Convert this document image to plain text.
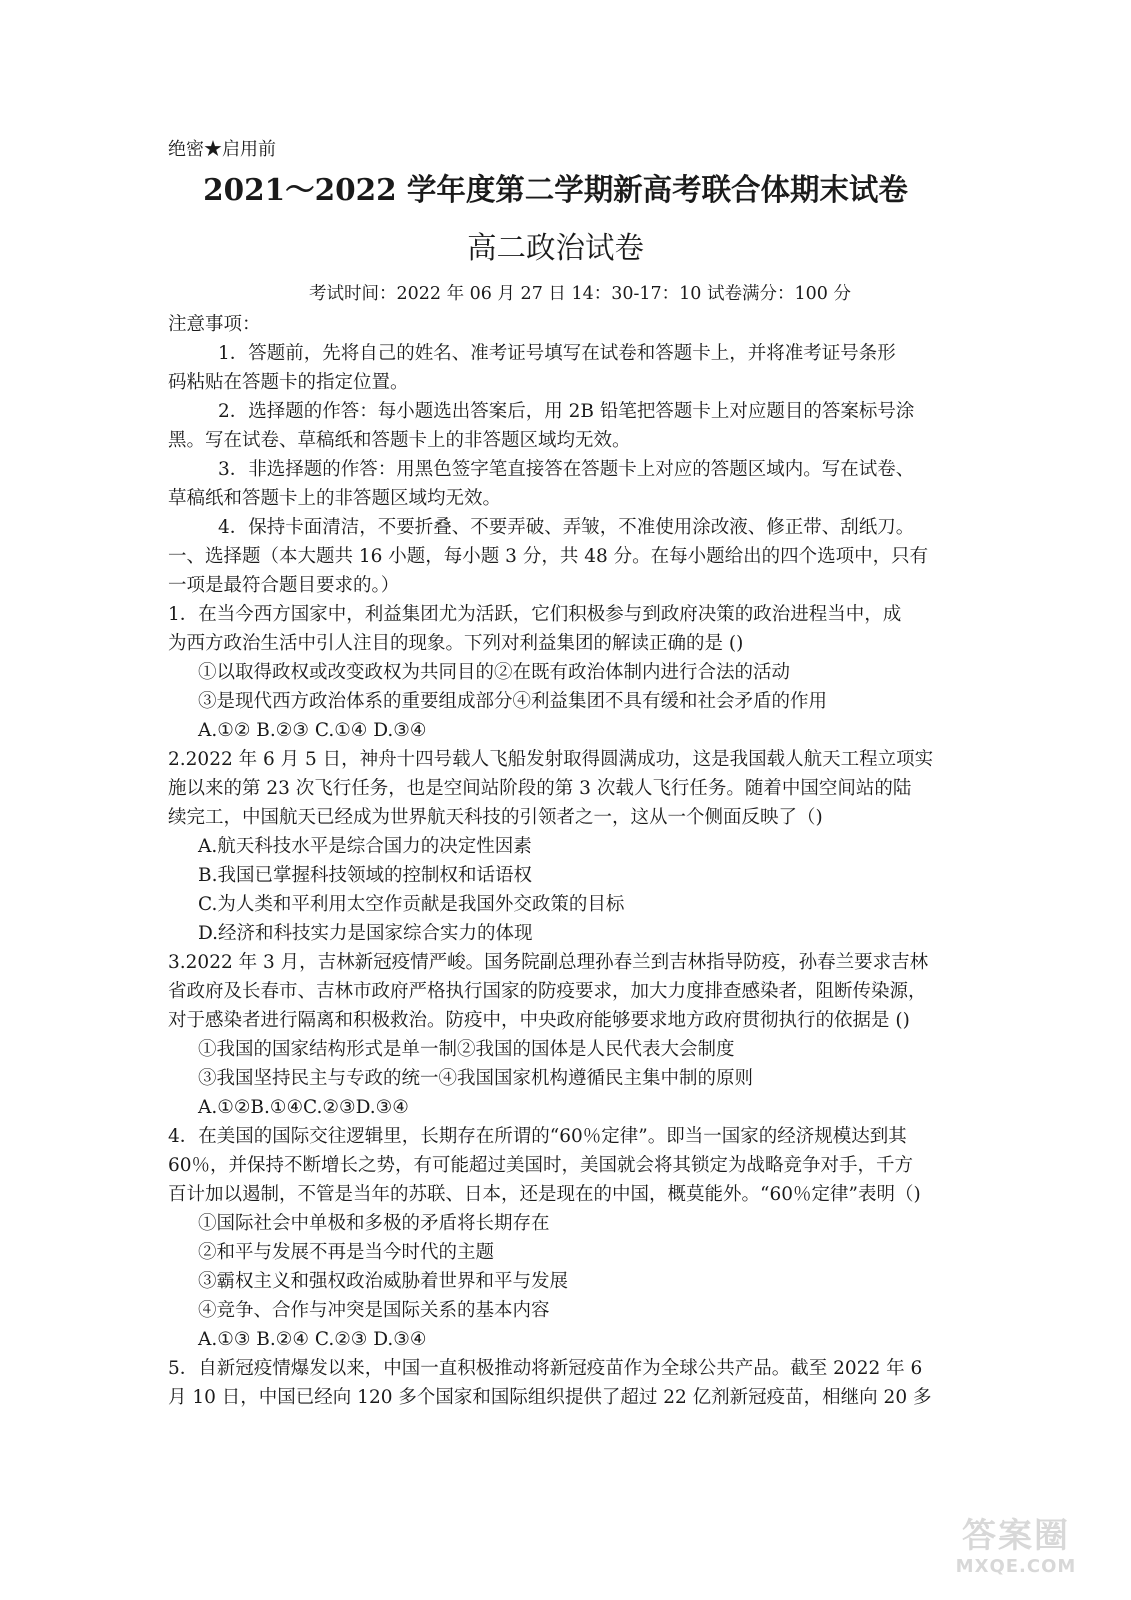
绝密★启用前
2021～2022 学年度第二学期新高考联合体期末试卷
高二政治试卷
考试时间：2022 年 06 月 27 日 14：30-17：10 试卷满分：100 分
注意事项：
1．答题前，先将自己的姓名、准考证号填写在试卷和答题卡上，并将准考证号条形
码粘贴在答题卡的指定位置。
2．选择题的作答：每小题选出答案后，用 2B 铅笔把答题卡上对应题目的答案标号涂
黑。写在试卷、草稿纸和答题卡上的非答题区域均无效。
3．非选择题的作答：用黑色签字笔直接答在答题卡上对应的答题区域内。写在试卷、
草稿纸和答题卡上的非答题区域均无效。
4．保持卡面清洁，不要折叠、不要弄破、弄皱，不准使用涂改液、修正带、刮纸刀。
一、选择题（本大题共 16 小题，每小题 3 分，共 48 分。在每小题给出的四个选项中，只有
一项是最符合题目要求的。）
1．在当今西方国家中，利益集团尤为活跃，它们积极参与到政府决策的政治进程当中，成
为西方政治生活中引人注目的现象。下列对利益集团的解读正确的是 ()
①以取得政权或改变政权为共同目的②在既有政治体制内进行合法的活动
③是现代西方政治体系的重要组成部分④利益集团不具有缓和社会矛盾的作用
A.①② B.②③ C.①④ D.③④
2.2022 年 6 月 5 日，神舟十四号载人飞船发射取得圆满成功，这是我国载人航天工程立项实
施以来的第 23 次飞行任务，也是空间站阶段的第 3 次载人飞行任务。随着中国空间站的陆
续完工，中国航天已经成为世界航天科技的引领者之一，这从一个侧面反映了（)
A.航天科技水平是综合国力的决定性因素
B.我国已掌握科技领域的控制权和话语权
C.为人类和平利用太空作贡献是我国外交政策的目标
D.经济和科技实力是国家综合实力的体现
3.2022 年 3 月，吉林新冠疫情严峻。国务院副总理孙春兰到吉林指导防疫，孙春兰要求吉林
省政府及长春市、吉林市政府严格执行国家的防疫要求，加大力度排查感染者，阻断传染源，
对于感染者进行隔离和积极救治。防疫中，中央政府能够要求地方政府贯彻执行的依据是 ()
①我国的国家结构形式是单一制②我国的国体是人民代表大会制度
③我国坚持民主与专政的统一④我国国家机构遵循民主集中制的原则
A.①②B.①④C.②③D.③④
4．在美国的国际交往逻辑里，长期存在所谓的“60％定律”。即当一国家的经济规模达到其
60％，并保持不断增长之势，有可能超过美国时，美国就会将其锁定为战略竞争对手，千方
百计加以遏制，不管是当年的苏联、日本，还是现在的中国，概莫能外。“60％定律”表明（)
①国际社会中单极和多极的矛盾将长期存在
②和平与发展不再是当今时代的主题
③霸权主义和强权政治威胁着世界和平与发展
④竞争、合作与冲突是国际关系的基本内容
A.①③ B.②④ C.②③ D.③④
5．自新冠疫情爆发以来，中国一直积极推动将新冠疫苗作为全球公共产品。截至 2022 年 6
月 10 日，中国已经向 120 多个国家和国际组织提供了超过 22 亿剂新冠疫苗，相继向 20 多
答案圈
MXQE.COM
